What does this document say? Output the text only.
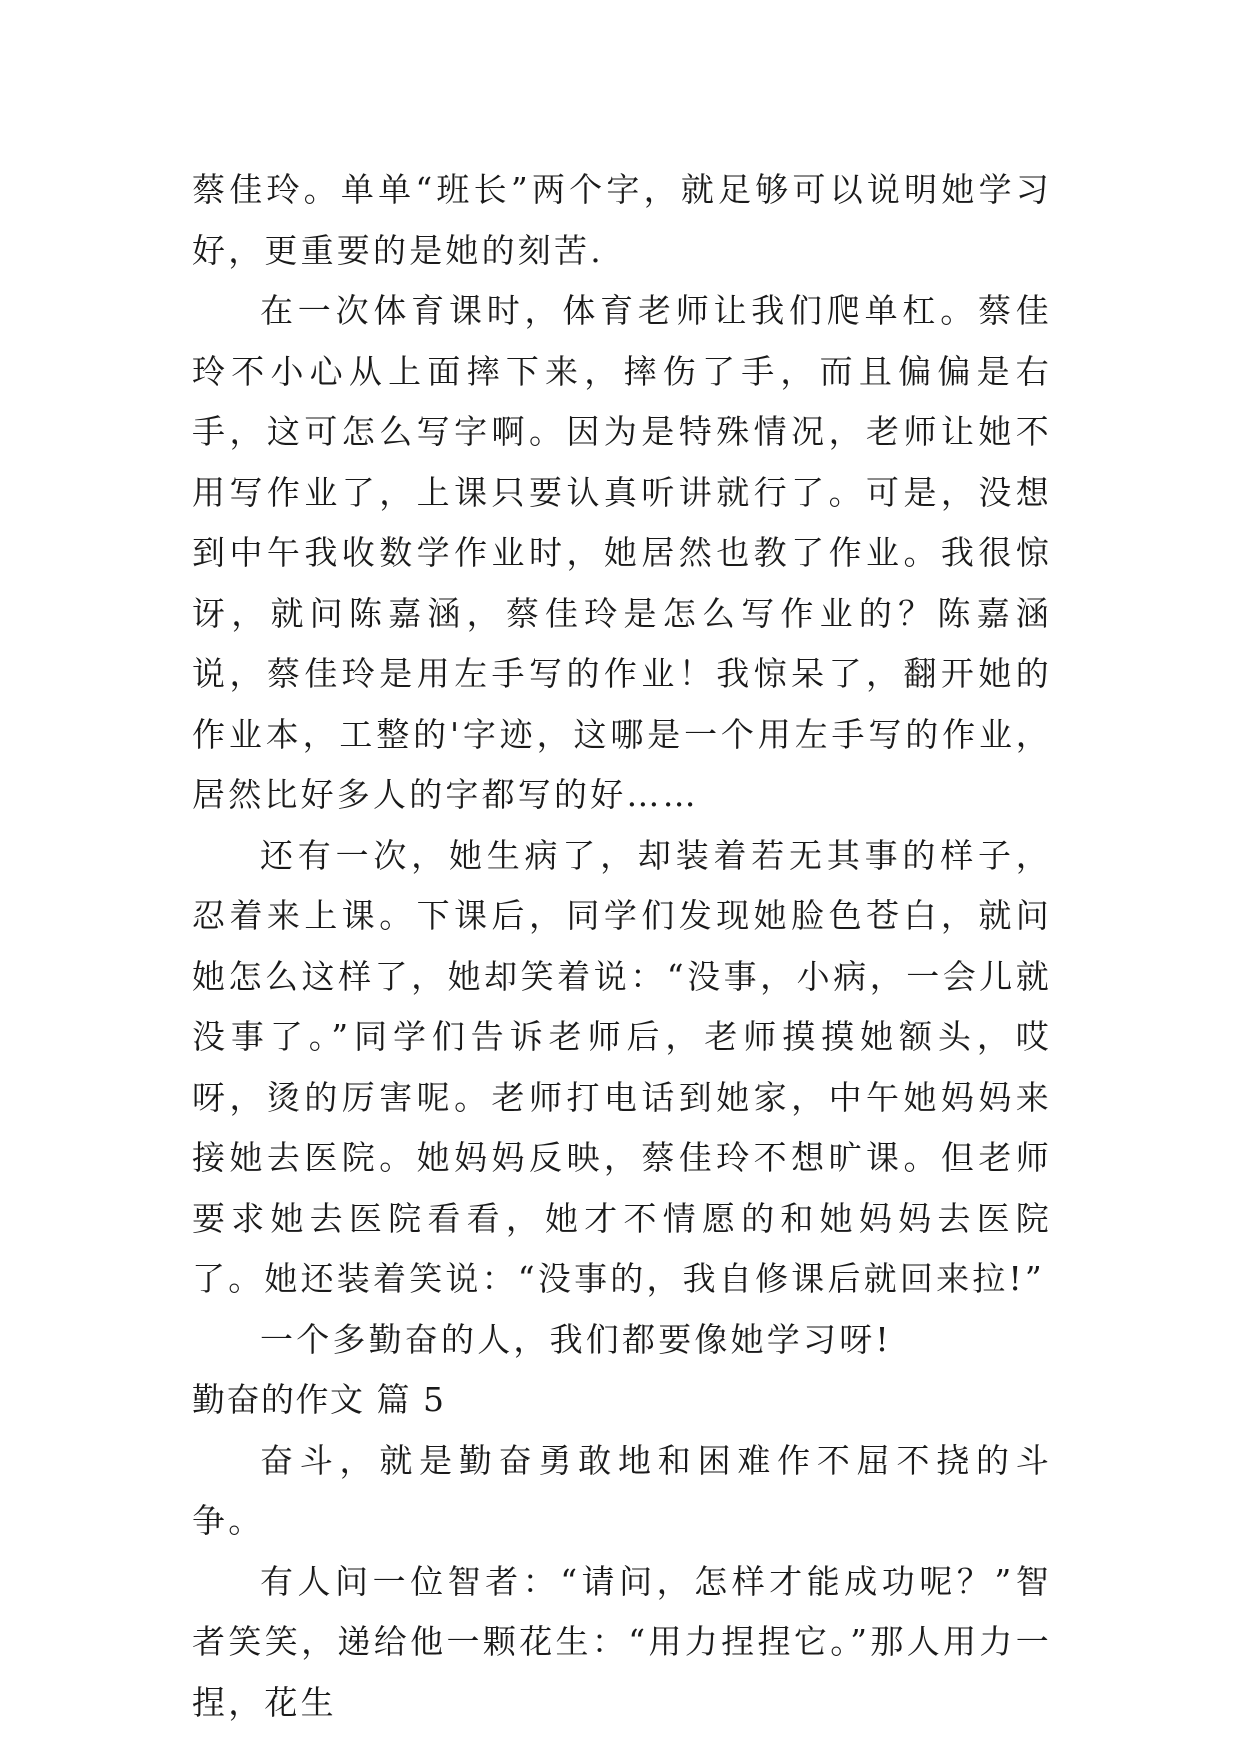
蔡佳玲。单单“班长”两个字，就足够可以说明她学习好，更重要的是她的刻苦.

在一次体育课时，体育老师让我们爬单杠。蔡佳玲不小心从上面摔下来，摔伤了手，而且偏偏是右手，这可怎么写字啊。因为是特殊情况，老师让她不用写作业了，上课只要认真听讲就行了。可是，没想到中午我收数学作业时，她居然也教了作业。我很惊讶，就问陈嘉涵，蔡佳玲是怎么写作业的？陈嘉涵说，蔡佳玲是用左手写的作业！我惊呆了，翻开她的作业本，工整的'字迹，这哪是一个用左手写的作业，居然比好多人的字都写的好……

还有一次，她生病了，却装着若无其事的样子，忍着来上课。下课后，同学们发现她脸色苍白，就问她怎么这样了，她却笑着说：“没事，小病，一会儿就没事了。”同学们告诉老师后，老师摸摸她额头，哎呀，烫的厉害呢。老师打电话到她家，中午她妈妈来接她去医院。她妈妈反映，蔡佳玲不想旷课。但老师要求她去医院看看，她才不情愿的和她妈妈去医院了。她还装着笑说：“没事的，我自修课后就回来拉!”

一个多勤奋的人，我们都要像她学习呀!

勤奋的作文 篇 5

奋斗，就是勤奋勇敢地和困难作不屈不挠的斗争。

有人问一位智者：“请问，怎样才能成功呢？”智者笑笑，递给他一颗花生：“用力捏捏它。”那人用力一捏，花生
